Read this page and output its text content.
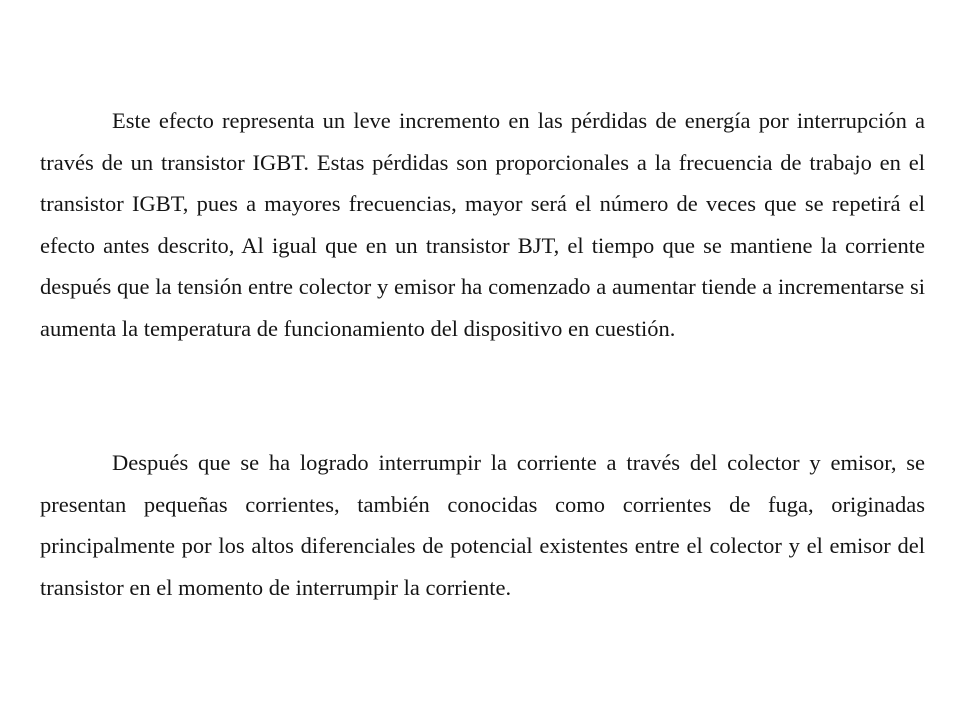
Este efecto representa un leve incremento en las pérdidas de energía por interrupción a través de un transistor IGBT. Estas pérdidas son proporcionales a la frecuencia de trabajo en el transistor IGBT, pues a mayores frecuencias, mayor será el número de veces que se repetirá el efecto antes descrito, Al igual que en un transistor BJT, el tiempo que se mantiene la corriente después que la tensión entre colector y emisor ha comenzado a aumentar tiende a incrementarse si aumenta la temperatura de funcionamiento del dispositivo en cuestión.

Después que se ha logrado interrumpir la corriente a través del colector y emisor, se presentan pequeñas corrientes, también conocidas como corrientes de fuga, originadas principalmente por los altos diferenciales de potencial existentes entre el colector y el emisor del transistor en el momento de interrumpir la corriente.
